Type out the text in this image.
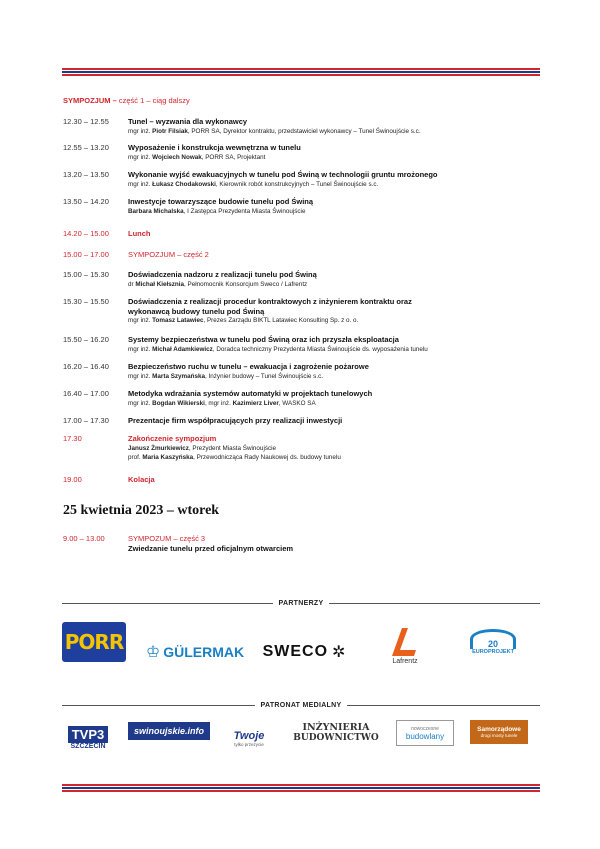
SYMPOZJUM – część 1 – ciąg dalszy
12.30 – 12.55	Tunel – wyzwania dla wykonawcy
mgr inż. Piotr Filsiak, PORR SA, Dyrektor kontraktu, przedstawiciel wykonawcy – Tunel Świnoujście s.c.
12.55 – 13.20	Wyposażenie i konstrukcja wewnętrzna w tunelu
mgr inż. Wojciech Nowak, PORR SA, Projektant
13.20 – 13.50	Wykonanie wyjść ewakuacyjnych w tunelu pod Świną w technologii gruntu mrożonego
mgr inż. Łukasz Chodakowski, Kierownik robót konstrukcyjnych – Tunel Świnoujście s.c.
13.50 – 14.20	Inwestycje towarzyszące budowie tunelu pod Świną
Barbara Michalska, I Zastępca Prezydenta Miasta Świnoujście
14.20 – 15.00	Lunch
15.00 – 17.00	SYMPOZJUM – część 2
15.00 – 15.30	Doświadczenia nadzoru z realizacji tunelu pod Świną
dr Michał Kiełsznia, Pełnomocnik Konsorcjum Sweco / Lafrentz
15.30 – 15.50	Doświadczenia z realizacji procedur kontraktowych z inżynierem kontraktu oraz
wykonawcą budowy tunelu pod Świną
mgr inż. Tomasz Latawiec, Prezes Zarządu BIKTL Latawiec Konsulting Sp. z o. o.
15.50 – 16.20	Systemy bezpieczeństwa w tunelu pod Świną oraz ich przyszła eksploatacja
mgr inż. Michał Adamkiewicz, Doradca techniczny Prezydenta Miasta Świnoujście ds. wyposażenia tunelu
16.20 – 16.40	Bezpieczeństwo ruchu w tunelu – ewakuacja i zagrożenie pożarowe
mgr inż. Marta Szymańska, Inżynier budowy – Tunel Świnoujście s.c.
16.40 – 17.00	Metodyka wdrażania systemów automatyki w projektach tunelowych
mgr inż. Bogdan Wikierski, mgr inż. Kazimierz Liver, WASKO SA
17.00 – 17.30	Prezentacje firm współpracujących przy realizacji inwestycji
17.30	Zakończenie sympozjum
Janusz Żmurkiewicz, Prezydent Miasta Świnoujście
prof. Maria Kaszyńska, Przewodnicząca Rady Naukowej ds. budowy tunelu
19.00	Kolacja
25 kwietnia 2023 – wtorek
9.00 – 13.00	SYMPOZUM – część 3
Zwiedzanie tunelu przed oficjalnym otwarciem
PARTNERZY
PORR ♔ GÜLERMAK SWECO ✲	Lafrentz
20
EUROPROJEKT
PATRONAT MEDIALNY
TVP3
SZCZECIN
swinoujskie.info	Twoje
tylko przeżycie
INŻYNIERIA
BUDOWNICTWO
nowoczesne
budowlany
Samorządowe
drogi mosty tunele
